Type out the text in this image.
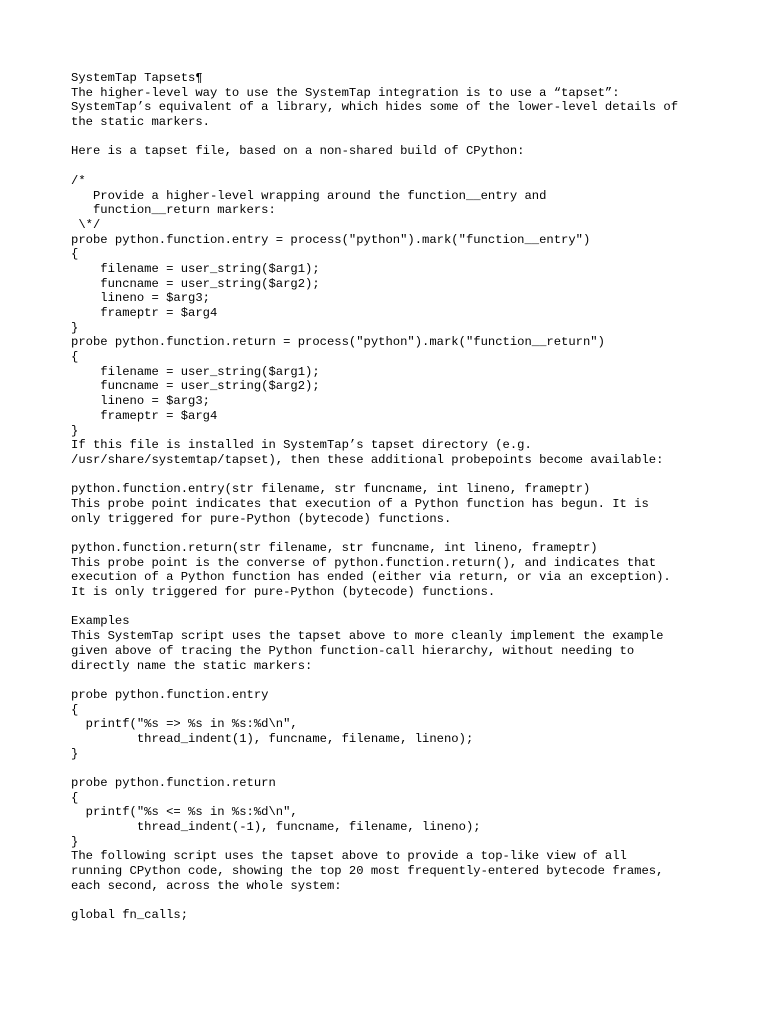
SystemTap Tapsets¶
The higher-level way to use the SystemTap integration is to use a “tapset”:
SystemTap’s equivalent of a library, which hides some of the lower-level details of
the static markers.
Here is a tapset file, based on a non-shared build of CPython:
/*
Provide a higher-level wrapping around the function__entry and
function__return markers:
\*/
probe python.function.entry = process("python").mark("function__entry")
{
filename = user_string($arg1);
funcname = user_string($arg2);
lineno = $arg3;
frameptr = $arg4
}
probe python.function.return = process("python").mark("function__return")
{
filename = user_string($arg1);
funcname = user_string($arg2);
lineno = $arg3;
frameptr = $arg4
}
If this file is installed in SystemTap’s tapset directory (e.g.
/usr/share/systemtap/tapset), then these additional probepoints become available:
python.function.entry(str filename, str funcname, int lineno, frameptr)
This probe point indicates that execution of a Python function has begun. It is
only triggered for pure-Python (bytecode) functions.
python.function.return(str filename, str funcname, int lineno, frameptr)
This probe point is the converse of python.function.return(), and indicates that
execution of a Python function has ended (either via return, or via an exception).
It is only triggered for pure-Python (bytecode) functions.
Examples
This SystemTap script uses the tapset above to more cleanly implement the example
given above of tracing the Python function-call hierarchy, without needing to
directly name the static markers:
probe python.function.entry
{
printf("%s => %s in %s:%d\n",
thread_indent(1), funcname, filename, lineno);
}
probe python.function.return
{
printf("%s <= %s in %s:%d\n",
thread_indent(-1), funcname, filename, lineno);
}
The following script uses the tapset above to provide a top-like view of all
running CPython code, showing the top 20 most frequently-entered bytecode frames,
each second, across the whole system:
global fn_calls;
